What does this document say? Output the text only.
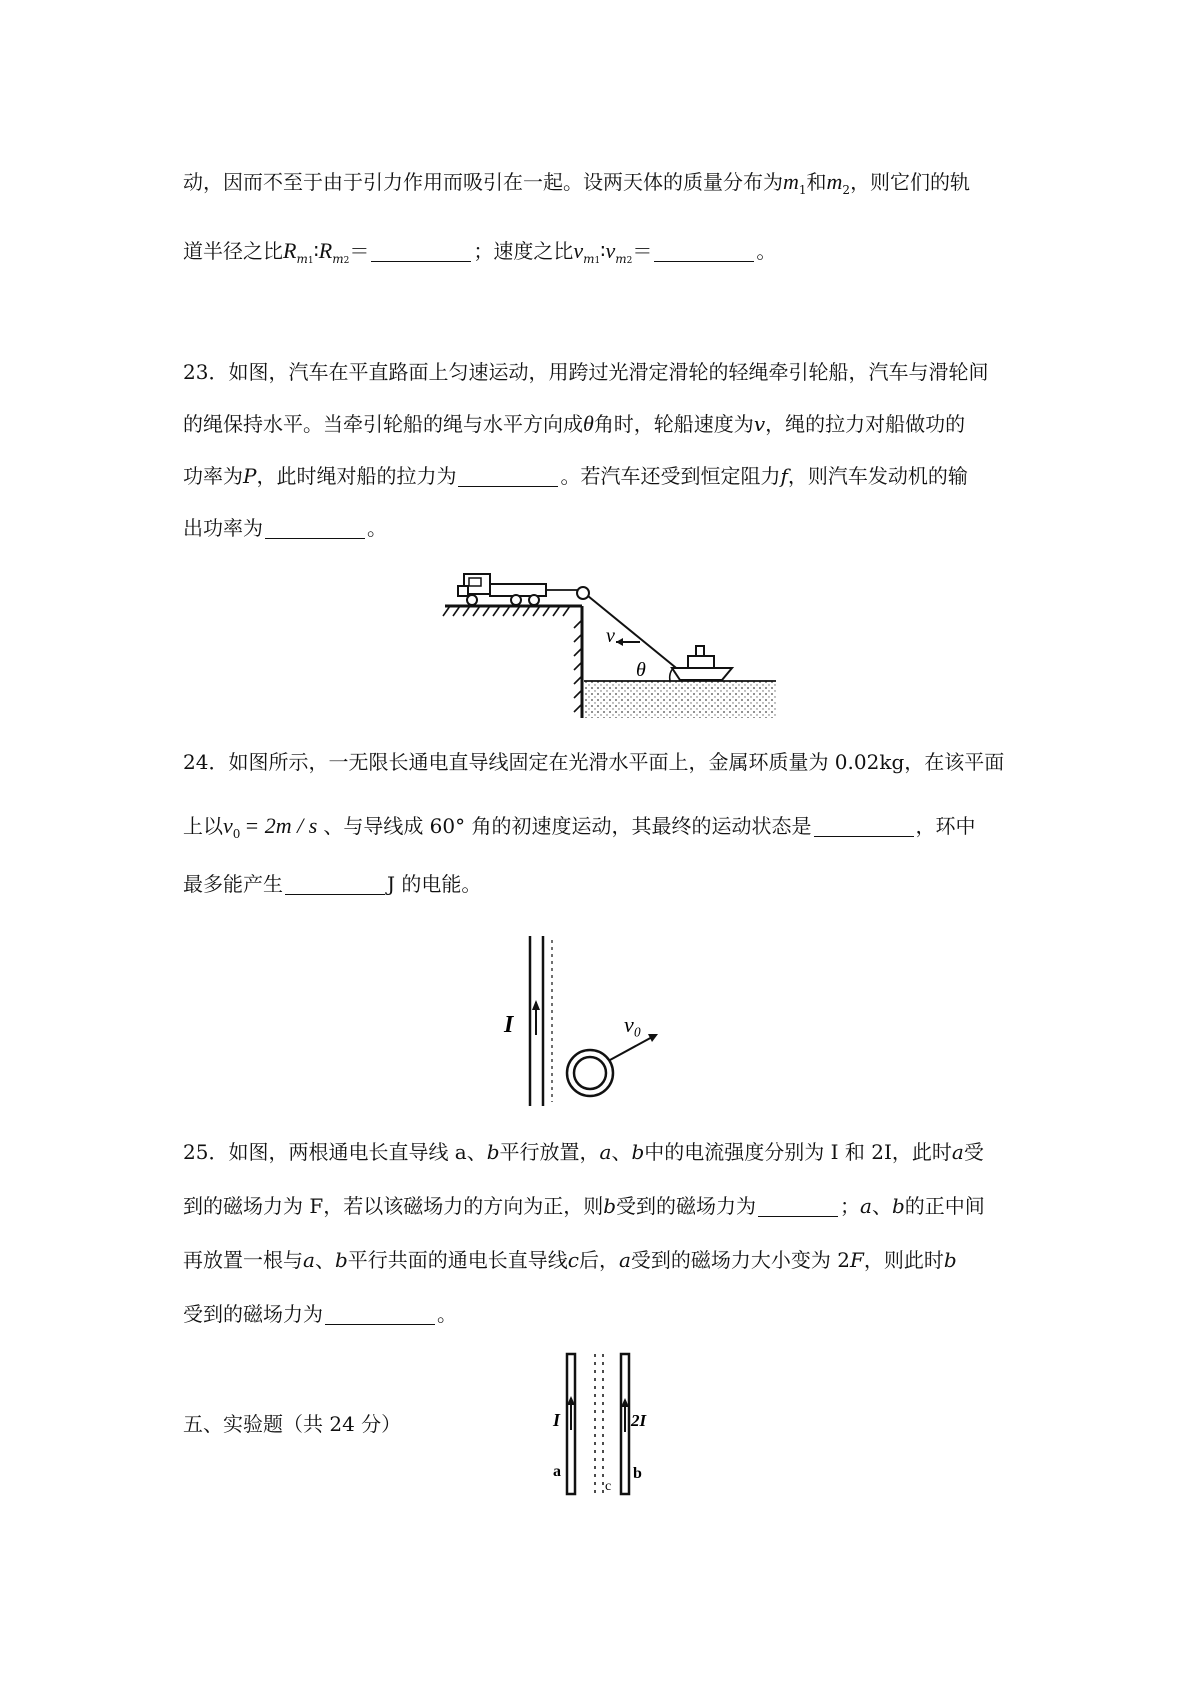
动，因而不至于由于引力作用而吸引在一起。设两天体的质量分布为$m_1$和$m_2$，则它们的轨
道半径之比$R_{m1}∶R_{m2}=$	；速度之比$v_{m1}∶v_{m2}=$	。
23．如图，汽车在平直路面上匀速运动，用跨过光滑定滑轮的轻绳牵引轮船，汽车与滑轮间
的绳保持水平。当牵引轮船的绳与水平方向成θ角时，轮船速度为v，绳的拉力对船做功的
功率为P，此时绳对船的拉力为	。若汽车还受到恒定阻力f，则汽车发动机的输
出功率为	。
v
θ
24．如图所示，一无限长通电直导线固定在光滑水平面上，金属环质量为 0.02kg，在该平面
上以$v_0 = 2m / s$ 、与导线成 60° 角的初速度运动，其最终的运动状态是	，环中
最多能产生	J 的电能。
I	v₀
25．如图，两根通电长直导线 a、b平行放置，a、b中的电流强度分别为 I 和 2I，此时a受
到的磁场力为 F，若以该磁场力的方向为正，则b受到的磁场力为	；a、b的正中间
再放置一根与a、b平行共面的通电长直导线c后，a受到的磁场力大小变为 2F，则此时b
受到的磁场力为	。
I
a
c
2I
b
五、实验题（共 24 分）
